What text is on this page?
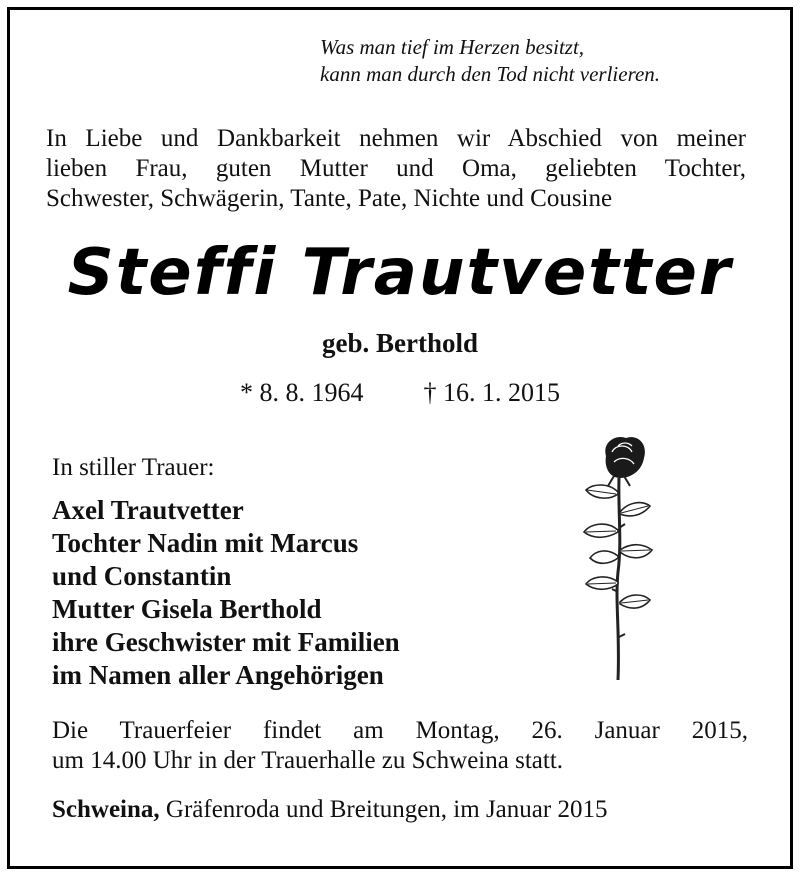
Was man tief im Herzen besitzt,
kann man durch den Tod nicht verlieren.
In Liebe und Dankbarkeit nehmen wir Abschied von meiner
lieben Frau, guten Mutter und Oma, geliebten Tochter,
Schwester, Schwägerin, Tante, Pate, Nichte und Cousine
Steffi Trautvetter
geb. Berthold
* 8. 8. 1964 † 16. 1. 2015
In stiller Trauer:
Axel Trautvetter
Tochter Nadin mit Marcus
und Constantin
Mutter Gisela Berthold
ihre Geschwister mit Familien
im Namen aller Angehörigen
Die Trauerfeier findet am Montag, 26. Januar 2015,
um 14.00 Uhr in der Trauerhalle zu Schweina statt.
Schweina, Gräfenroda und Breitungen, im Januar 2015
